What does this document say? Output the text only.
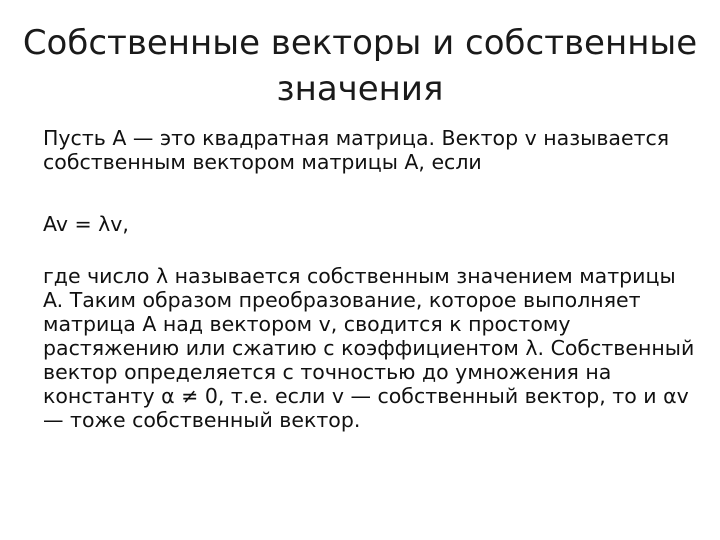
Собственные векторы и собственные
значения

Пусть A — это квадратная матрица. Вектор v называется
собственным вектором матрицы A, если

Av = λv,

где число λ называется собственным значением матрицы
A. Таким образом преобразование, которое выполняет
матрица A над вектором v, сводится к простому
растяжению или сжатию с коэффициентом λ. Собственный
вектор определяется с точностью до умножения на
константу α ≠ 0, т.е. если v — собственный вектор, то и αv
— тоже собственный вектор.
